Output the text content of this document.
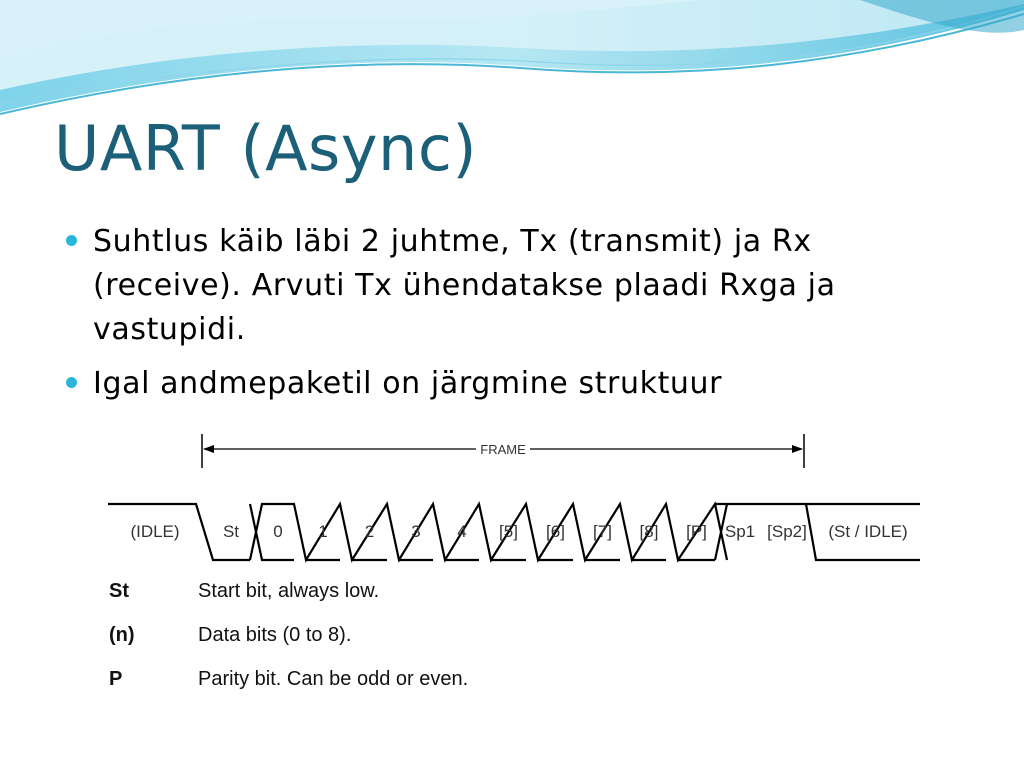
UART (Async)
Suhtlus käib läbi 2 juhtme, Tx (transmit) ja Rx (receive). Arvuti Tx ühendatakse plaadi Rxga ja vastupidi.
Igal andmepaketil on järgmine struktuur
FRAME
(IDLE)	(St / IDLE)
St 0 1 2 3 4 [5] [6] [7] [8] [P] Sp1 [Sp2]
St	Start bit, always low.
(n)	Data bits (0 to 8).
P	Parity bit. Can be odd or even.
